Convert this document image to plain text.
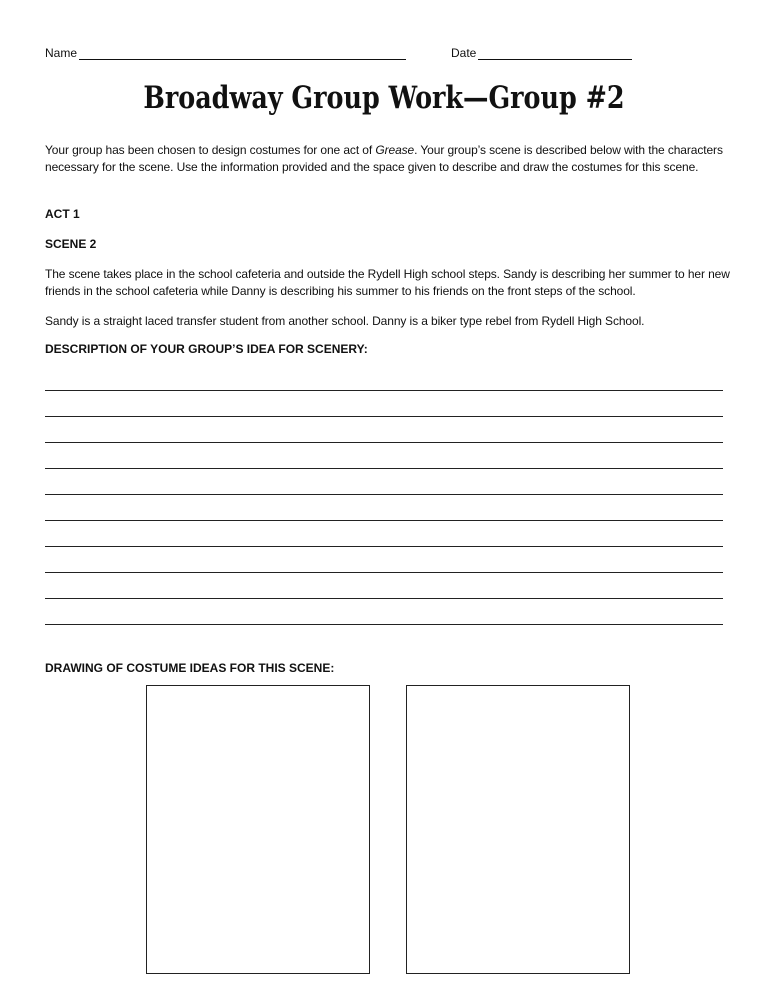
Name	Date
Broadway Group Work—Group #2
Your group has been chosen to design costumes for one act of Grease. Your group’s scene is described below with the characters necessary for the scene. Use the information provided and the space given to describe and draw the costumes for this scene.
ACT 1
SCENE 2
The scene takes place in the school cafeteria and outside the Rydell High school steps. Sandy is describing her summer to her new friends in the school cafeteria while Danny is describing his summer to his friends on the front steps of the school.
Sandy is a straight laced transfer student from another school. Danny is a biker type rebel from Rydell High School.
DESCRIPTION OF YOUR GROUP’S IDEA FOR SCENERY:
DRAWING OF COSTUME IDEAS FOR THIS SCENE:
